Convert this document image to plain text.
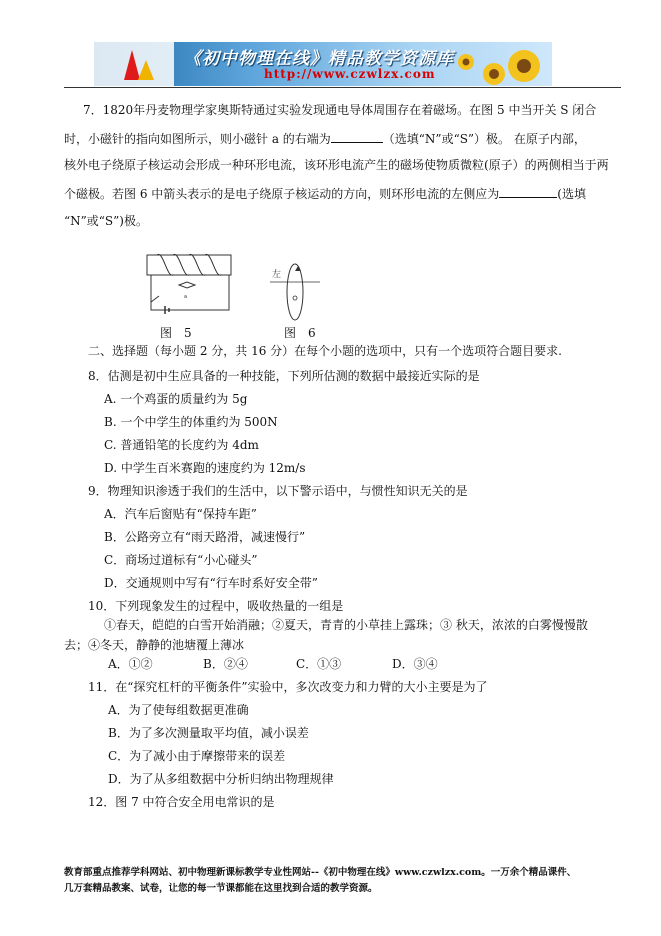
《初中物理在线》精品教学资源库
http://www.czwlzx.com
7．1820年丹麦物理学家奥斯特通过实验发现通电导体周围存在着磁场。在图 5 中当开关 S 闭合
时，小磁针的指向如图所示，则小磁针 a 的右端为	（选填“N”或“S”）极。 在原子内部，
核外电子绕原子核运动会形成一种环形电流，该环形电流产生的磁场使物质微粒(原子）的两侧相当于两
个磁极。若图 6 中箭头表示的是电子绕原子核运动的方向，则环形电流的左侧应为	(选填
“N”或“S”)极。
a
图　5
左
图　6
二、选择题（每小题 2 分，共 16 分）在每个小题的选项中，只有一个选项符合题目要求.
8．估测是初中生应具备的一种技能，下列所估测的数据中最接近实际的是
A. 一个鸡蛋的质量约为 5g
B. 一个中学生的体重约为 500N
C. 普通铅笔的长度约为 4dm
D. 中学生百米赛跑的速度约为 12m/s
9．物理知识渗透于我们的生活中，以下警示语中，与惯性知识无关的是
A．汽车后窗贴有“保持车距”
B．公路旁立有“雨天路滑，减速慢行”
C．商场过道标有“小心碰头”
D．交通规则中写有“行车时系好安全带”
10．下列现象发生的过程中，吸收热量的一组是
①春天，皑皑的白雪开始消融；②夏天，青青的小草挂上露珠；③ 秋天，浓浓的白雾慢慢散
去；④冬天，静静的池塘覆上薄冰
A．①②	B．②④	C．①③	D．③④
11．在“探究杠杆的平衡条件”实验中，多次改变力和力臂的大小主要是为了
A．为了使每组数据更准确
B．为了多次测量取平均值，减小误差
C．为了减小由于摩擦带来的误差
D．为了从多组数据中分析归纳出物理规律
12．图 7 中符合安全用电常识的是
教育部重点推荐学科网站、初中物理新课标教学专业性网站--《初中物理在线》www.czwlzx.com。一万余个精品课件、
几万套精品教案、试卷，让您的每一节课都能在这里找到合适的教学资源。
